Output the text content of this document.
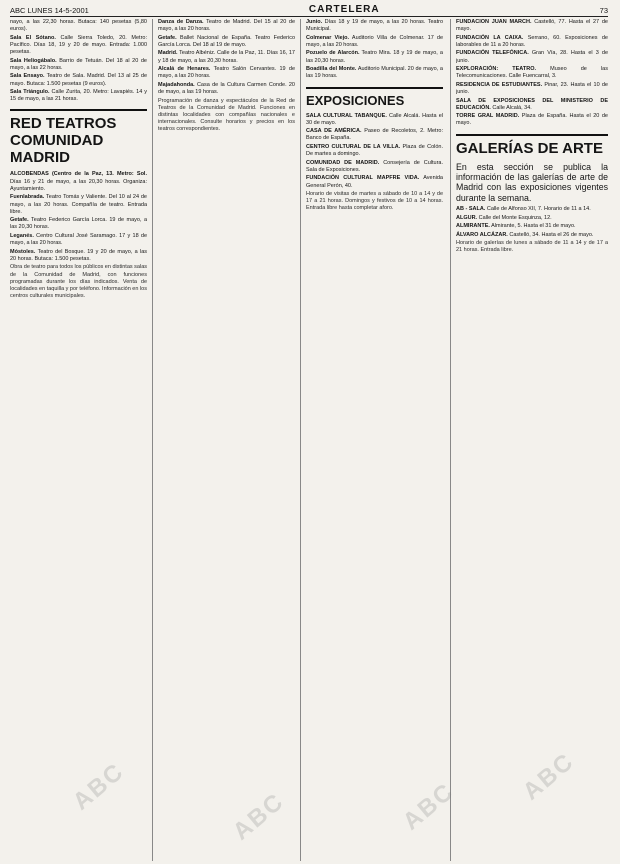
ABC LUNES 14-5-2001	CARTELERA	73
nayo, a las 22,30 horas. Butaca: 140 pesetas (5,80 euros).
Sala El Sótano. Calle Sierra Toledo, 20. Metro: Pacífico. Días 18, 19 y 20 de mayo. Entrada: 1.000 pesetas.
Sala Heliogábalo. Barrio de Tetuán. Del 18 al 20 de mayo, a las 22 horas.
Sala Ensayo. Teatro de Sala. Madrid. Del 13 al 25 de mayo. Butaca: 1.500 pesetas (9 euros).
Sala Triángulo. Calle Zurita, 20. Metro: Lavapiés. 14 y 15 de mayo, a las 21 horas.
RED TEATROS COMUNIDAD MADRID
ALCOBENDAS (Centro de la Paz, 13. Metro: Sol. Días 16 y 21 de mayo, a las 20,30 horas. Organiza: Ayuntamiento.
Fuenlabrada. Teatro Tomás y Valiente. Del 10 al 24 de mayo, a las 20 horas. Compañía de teatro. Entrada libre.
Getafe. Teatro Federico García Lorca. 19 de mayo, a las 20,30 horas.
Leganés. Centro Cultural José Saramago. 17 y 18 de mayo, a las 20 horas.
Móstoles. Teatro del Bosque. 19 y 20 de mayo, a las 20 horas. Butaca: 1.500 pesetas.
Obra de teatro para todos los públicos en distintas salas de la Comunidad de Madrid, con funciones programadas durante los días indicados. Venta de localidades en taquilla y por teléfono. Información en los centros culturales municipales.
Danza de Danza. Teatro de Madrid. Del 15 al 20 de mayo, a las 20 horas.
Getafe. Ballet Nacional de España. Teatro Federico García Lorca. Del 18 al 19 de mayo.
Madrid. Teatro Albéniz. Calle de la Paz, 11. Días 16, 17 y 18 de mayo, a las 20,30 horas.
Alcalá de Henares. Teatro Salón Cervantes. 19 de mayo, a las 20 horas.
Majadahonda. Casa de la Cultura Carmen Conde. 20 de mayo, a las 19 horas.
Programación de danza y espectáculos de la Red de Teatros de la Comunidad de Madrid. Funciones en distintas localidades con compañías nacionales e internacionales. Consulte horarios y precios en los teatros correspondientes.
Junio. Días 18 y 19 de mayo, a las 20 horas. Teatro Municipal.
Colmenar Viejo. Auditorio Villa de Colmenar. 17 de mayo, a las 20 horas.
Pozuelo de Alarcón. Teatro Mira. 18 y 19 de mayo, a las 20,30 horas.
Boadilla del Monte. Auditorio Municipal. 20 de mayo, a las 19 horas.
EXPOSICIONES
SALA CULTURAL TABANQUE. Calle Alcalá. Hasta el 30 de mayo.
CASA DE AMÉRICA. Paseo de Recoletos, 2. Metro: Banco de España.
CENTRO CULTURAL DE LA VILLA. Plaza de Colón. De martes a domingo.
COMUNIDAD DE MADRID. Consejería de Cultura. Sala de Exposiciones.
FUNDACIÓN CULTURAL MAPFRE VIDA. Avenida General Perón, 40.
Horario de visitas de martes a sábado de 10 a 14 y de 17 a 21 horas. Domingos y festivos de 10 a 14 horas. Entrada libre hasta completar aforo.
FUNDACIÓN JUAN MARCH. Castelló, 77. Hasta el 27 de mayo.
FUNDACIÓN LA CAIXA. Serrano, 60. Exposiciones de laborables de 11 a 20 horas.
FUNDACIÓN TELEFÓNICA. Gran Vía, 28. Hasta el 3 de junio.
EXPLORACIÓN: TEATRO.	Museo de las Telecomunicaciones. Calle Fuencarral, 3.
RESIDENCIA DE ESTUDIANTES. Pinar, 23. Hasta el 10 de junio.
SALA DE EXPOSICIONES DEL MINISTERIO DE EDUCACIÓN. Calle Alcalá, 34.
TORRE GRAL MADRID. Plaza de España. Hasta el 20 de mayo.
GALERÍAS DE ARTE
En esta sección se publica la información de las galerías de arte de Madrid con las exposiciones vigentes durante la semana.
AB - SALA. Calle de Alfonso XII, 7. Horario de 11 a 14.
ALGUR. Calle del Monte Esquinza, 12.
ALMIRANTE. Almirante, 5. Hasta el 31 de mayo.
ÁLVARO ALCÁZAR. Castelló, 34. Hasta el 26 de mayo.
Horario de galerías de lunes a sábado de 11 a 14 y de 17 a 21 horas. Entrada libre.
ABC
ABC	ABC
ABC
